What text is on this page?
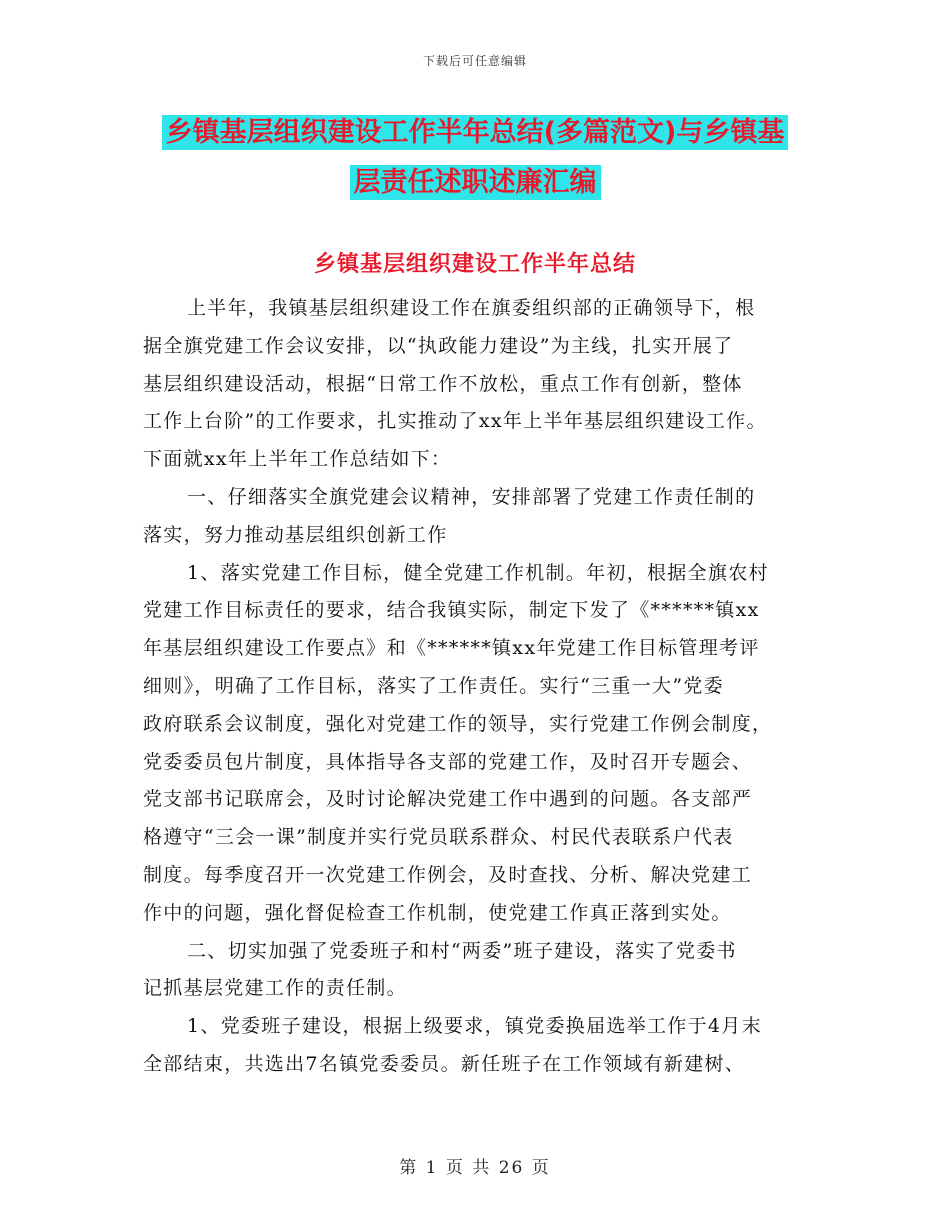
下载后可任意编辑
乡镇基层组织建设工作半年总结(多篇范文)与乡镇基
层责任述职述廉汇编
乡镇基层组织建设工作半年总结
上半年，我镇基层组织建设工作在旗委组织部的正确领导下，根
据全旗党建工作会议安排，以“执政能力建设”为主线，扎实开展了
基层组织建设活动，根据“日常工作不放松，重点工作有创新，整体
工作上台阶”的工作要求，扎实推动了xx年上半年基层组织建设工作。
下面就xx年上半年工作总结如下：
一、仔细落实全旗党建会议精神，安排部署了党建工作责任制的
落实，努力推动基层组织创新工作
1、落实党建工作目标，健全党建工作机制。年初，根据全旗农村
党建工作目标责任的要求，结合我镇实际，制定下发了《******镇xx
年基层组织建设工作要点》和《******镇xx年党建工作目标管理考评
细则》，明确了工作目标，落实了工作责任。实行“三重一大”党委
政府联系会议制度，强化对党建工作的领导，实行党建工作例会制度，
党委委员包片制度，具体指导各支部的党建工作，及时召开专题会、
党支部书记联席会，及时讨论解决党建工作中遇到的问题。各支部严
格遵守“三会一课”制度并实行党员联系群众、村民代表联系户代表
制度。每季度召开一次党建工作例会，及时查找、分析、解决党建工
作中的问题，强化督促检查工作机制，使党建工作真正落到实处。
二、切实加强了党委班子和村“两委”班子建设，落实了党委书
记抓基层党建工作的责任制。
1、党委班子建设，根据上级要求，镇党委换届选举工作于4月末
全部结束，共选出7名镇党委委员。新任班子在工作领域有新建树、
第 1 页 共 26 页
